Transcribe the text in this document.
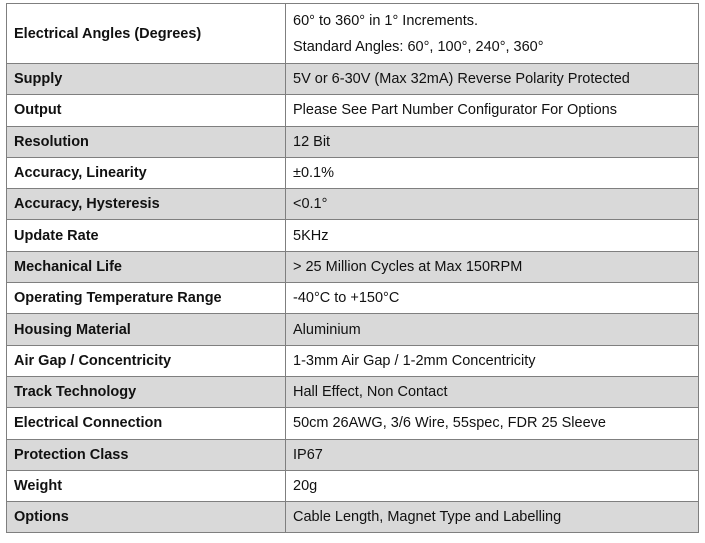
Electrical Angles (Degrees)	60° to 360° in 1° Increments.
Standard Angles: 60°, 100°, 240°, 360°

Supply	5V or 6-30V (Max 32mA) Reverse Polarity Protected
Output	Please See Part Number Configurator For Options
Resolution	12 Bit
Accuracy, Linearity	±0.1%
Accuracy, Hysteresis	<0.1°
Update Rate	5KHz
Mechanical Life	> 25 Million Cycles at Max 150RPM
Operating Temperature Range	-40°C to +150°C
Housing Material	Aluminium
Air Gap / Concentricity	1-3mm Air Gap / 1-2mm Concentricity
Track Technology	Hall Effect, Non Contact
Electrical Connection	50cm 26AWG, 3/6 Wire, 55spec, FDR 25 Sleeve
Protection Class	IP67
Weight	20g
Options	Cable Length, Magnet Type and Labelling
